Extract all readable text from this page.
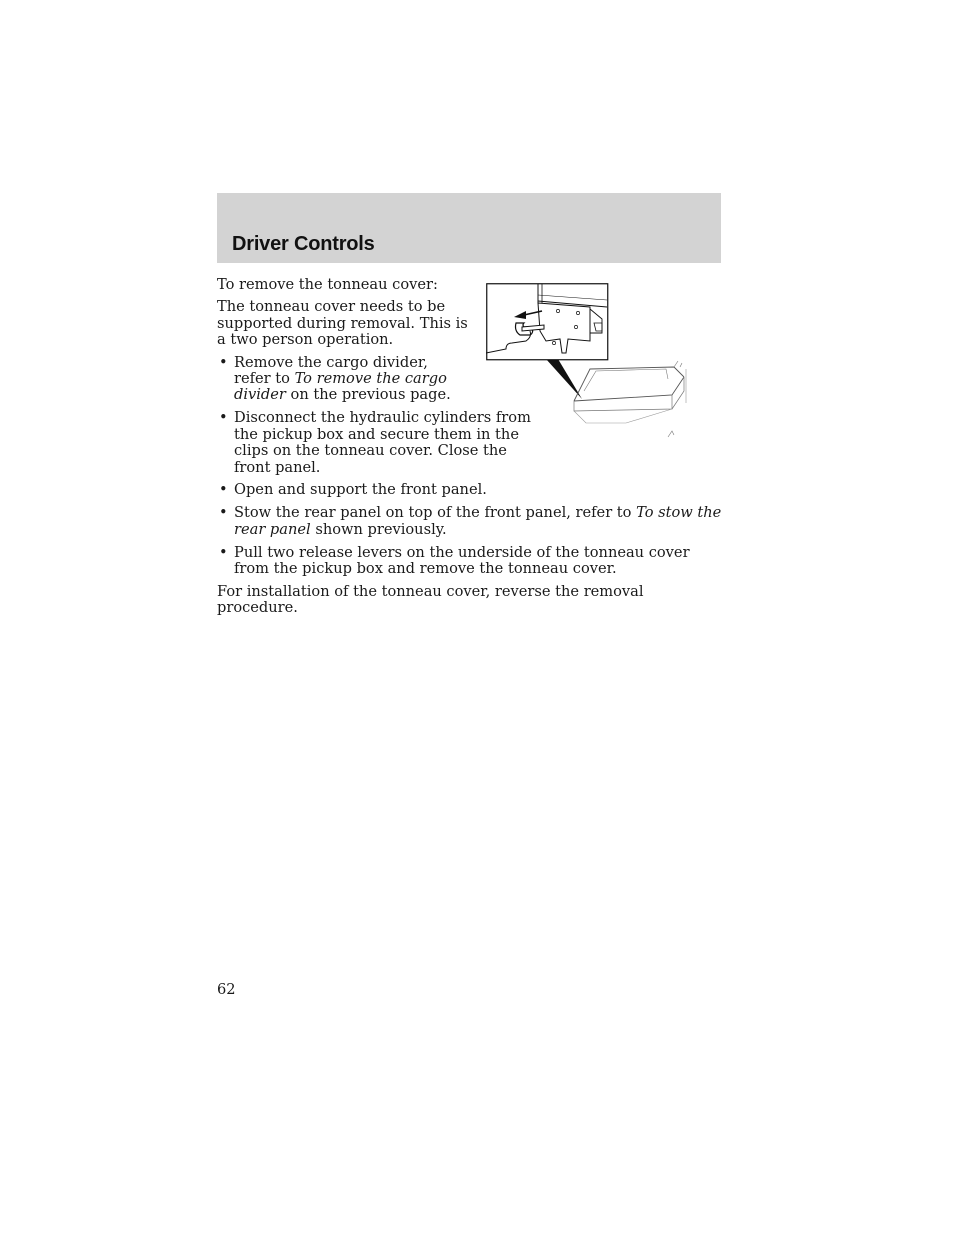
Driver Controls

To remove the tonneau cover:

The tonneau cover needs to be supported during removal. This is a two person operation.

• Remove the cargo divider, refer to To remove the cargo divider on the previous page.
• Disconnect the hydraulic cylinders from the pickup box and secure them in the clips on the tonneau cover. Close the front panel.
• Open and support the front panel.
• Stow the rear panel on top of the front panel, refer to To stow the rear panel shown previously.
• Pull two release levers on the underside of the tonneau cover from the pickup box and remove the tonneau cover.

For installation of the tonneau cover, reverse the removal procedure.

62
